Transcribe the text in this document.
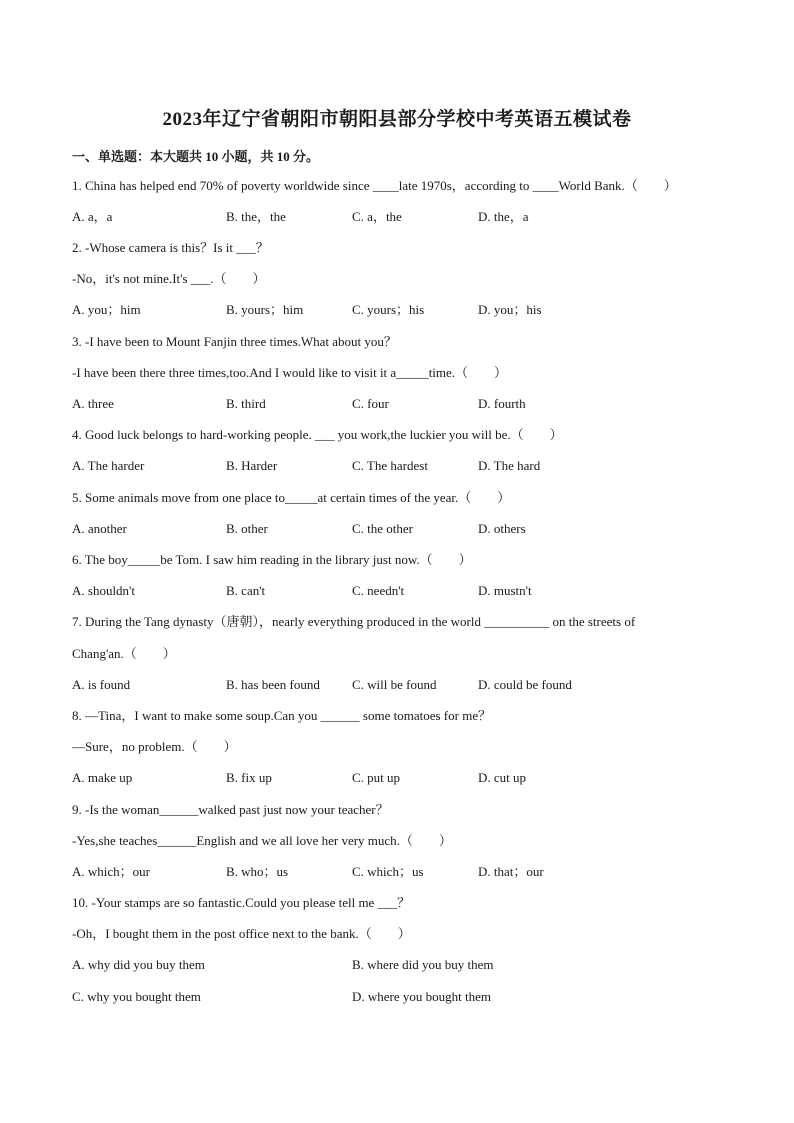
2023年辽宁省朝阳市朝阳县部分学校中考英语五模试卷
一、单选题：本大题共 10 小题，共 10 分。
1. China has helped end 70% of poverty worldwide since ____late 1970s，according to ____World Bank.（　　）
A. a，a	B. the，the	C. a，the	D. the，a
2. -Whose camera is this？Is it ___？
-No，it's not mine.It's ___.（　　）
A. you；him	B. yours；him	C. yours；his	D. you；his
3. -I have been to Mount Fanjin three times.What about you？
-I have been there three times,too.And I would like to visit it a_____time.（　　）
A. three	B. third	C. four	D. fourth
4. Good luck belongs to hard-working people. ___ you work,the luckier you will be.（　　）
A. The harder	B. Harder	C. The hardest	D. The hard
5. Some animals move from one place to_____at certain times of the year.（　　）
A. another	B. other	C. the other	D. others
6. The boy_____be Tom. I saw him reading in the library just now.（　　）
A. shouldn't	B. can't	C. needn't	D. mustn't
7. During the Tang dynasty（唐朝），nearly everything produced in the world __________ on the streets of
Chang'an.（　　）
A. is found	B. has been found C. will be found	D. could be found
8. —Tina，I want to make some soup.Can you ______ some tomatoes for me？
—Sure，no problem.（　　）
A. make up	B. fix up	C. put up	D. cut up
9. -Is the woman______walked past just now your teacher？
-Yes,she teaches______English and we all love her very much.（　　）
A. which；our	B. who；us	C. which；us	D. that；our
10. -Your stamps are so fantastic.Could you please tell me ___？
-Oh，I bought them in the post office next to the bank.（　　）
A. why did you buy them	B. where did you buy them
C. why you bought them	D. where you bought them
